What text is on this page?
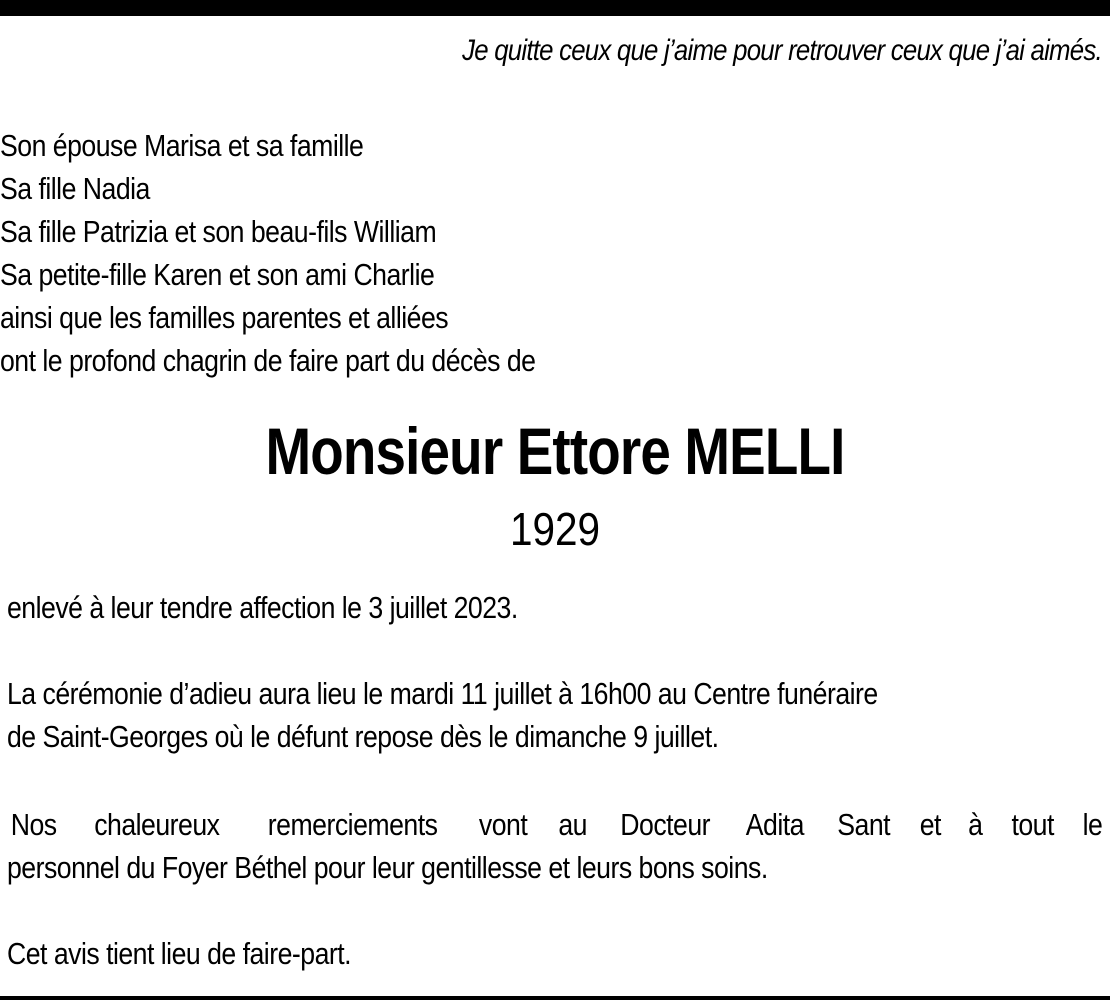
Je quitte ceux que j’aime pour retrouver ceux que j’ai aimés.
Son épouse Marisa et sa famille
Sa fille Nadia
Sa fille Patrizia et son beau-fils William
Sa petite-fille Karen et son ami Charlie
ainsi que les familles parentes et alliées
ont le profond chagrin de faire part du décès de
Monsieur Ettore MELLI
1929
enlevé à leur tendre affection le 3 juillet 2023.
La cérémonie d’adieu aura lieu le mardi 11 juillet à 16h00 au Centre funéraire
de Saint-Georges où le défunt repose dès le dimanche 9 juillet.
Nos chaleureux remerciements vont au Docteur Adita Sant et à tout le
personnel du Foyer Béthel pour leur gentillesse et leurs bons soins.
Cet avis tient lieu de faire-part.
